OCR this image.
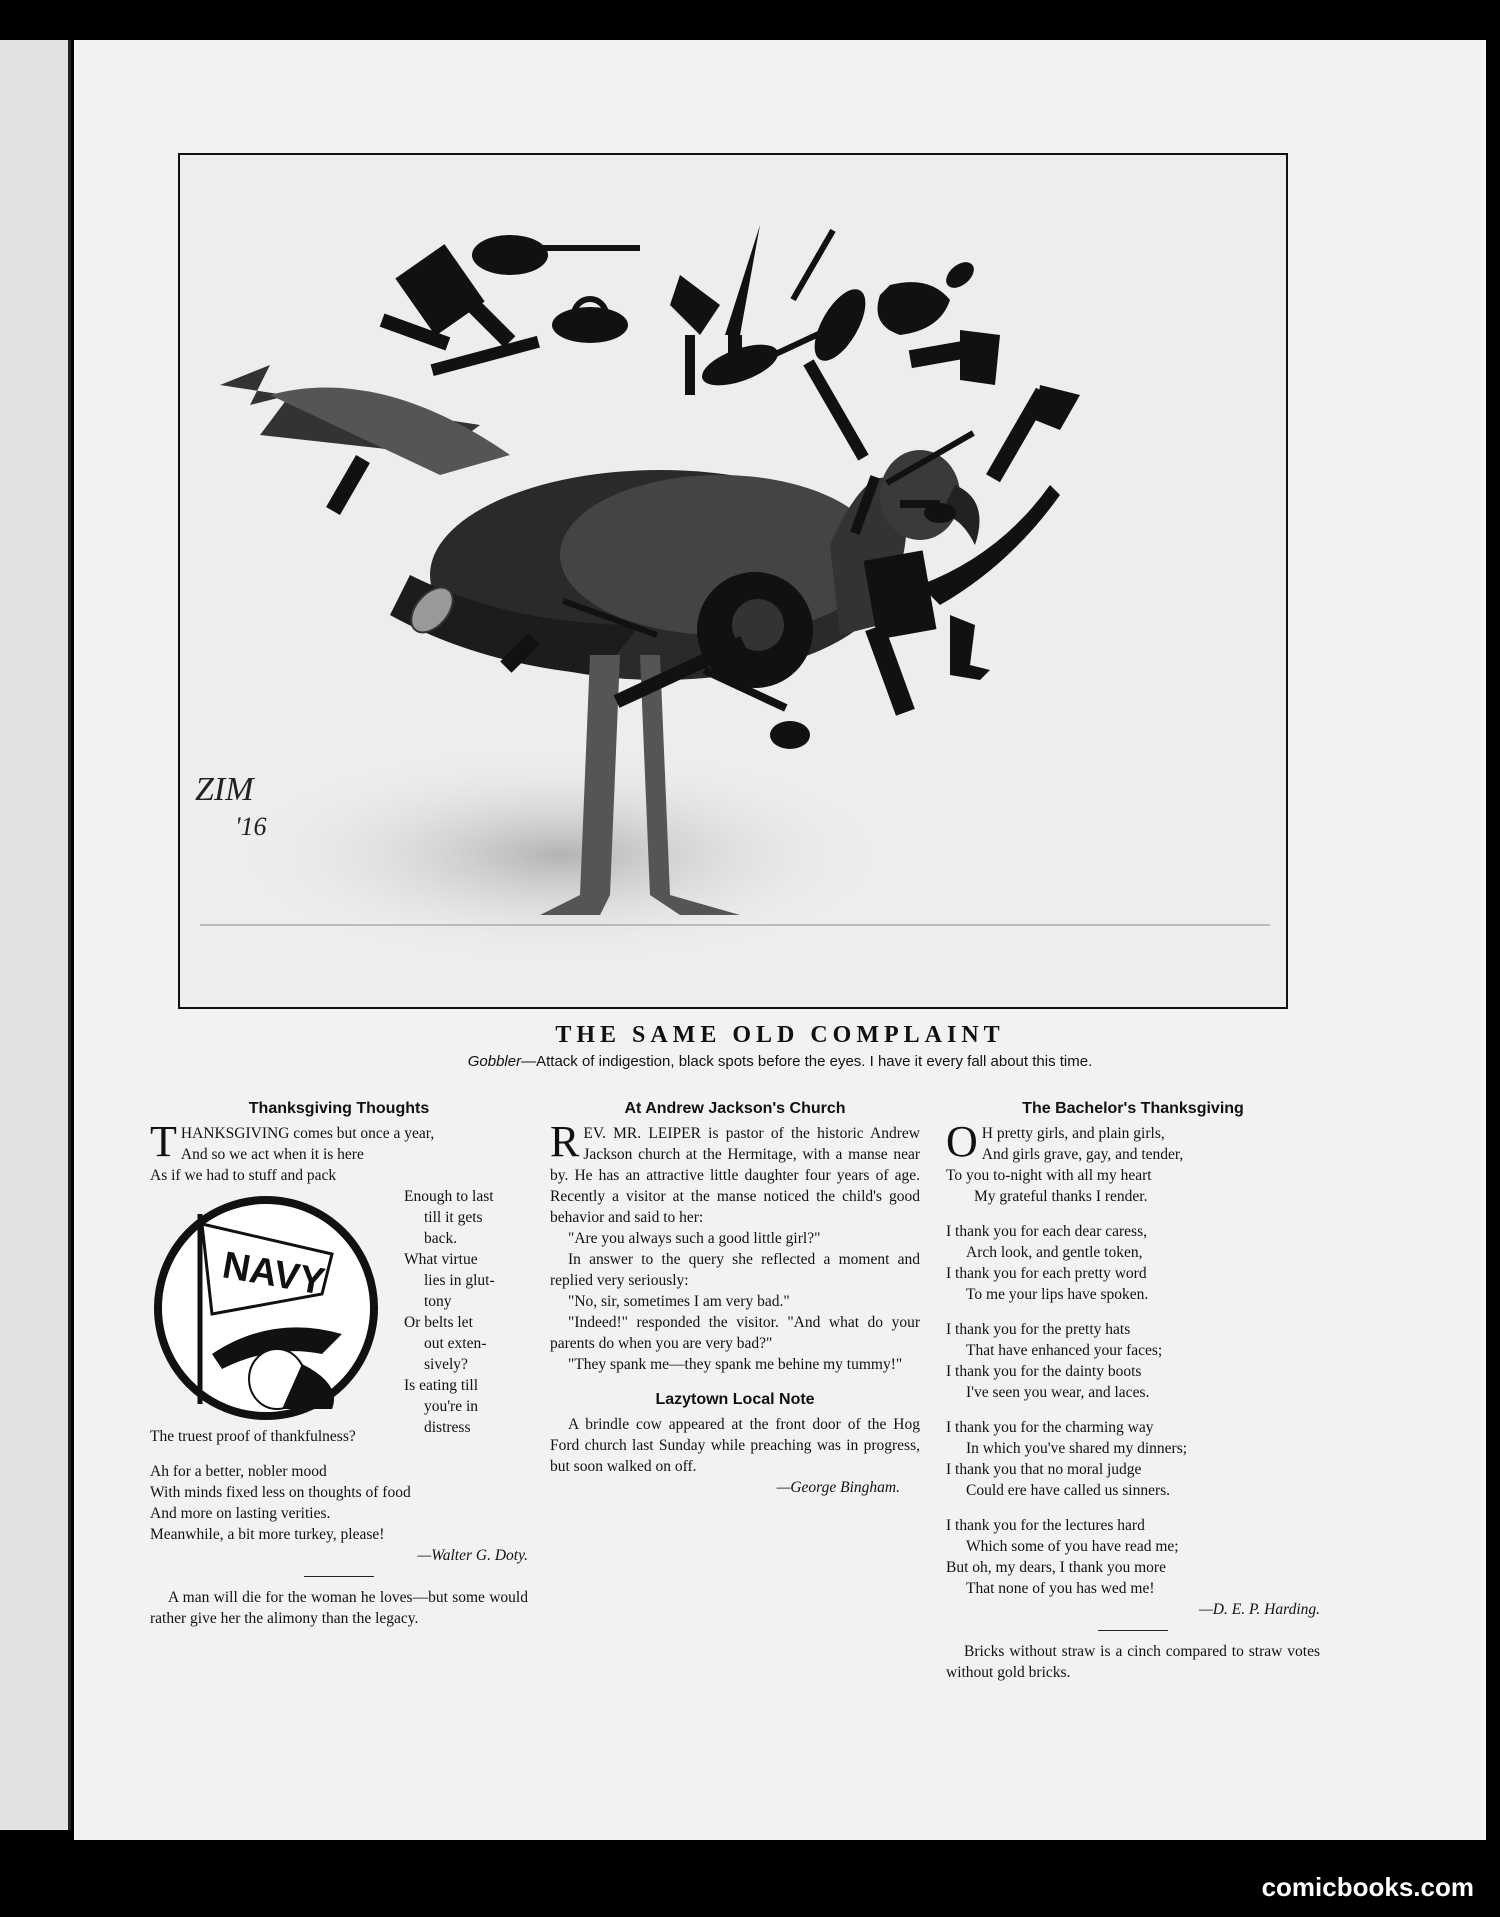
ZIM
'16
THE SAME OLD COMPLAINT

Gobbler—Attack of indigestion, black spots before the eyes. I have it every fall about this time.

Thanksgiving Thoughts
T HANKSGIVING comes but once a year,
And so we act when it is here
As if we had to stuff and pack
NAVY
Enough to last
till it gets
back.
What virtue
lies in glut-
tony
Or belts let
out exten-
sively?
Is eating till
you're in
distress
The truest proof of thankfulness?
Ah for a better, nobler mood
With minds fixed less on thoughts of food
And more on lasting verities.
Meanwhile, a bit more turkey, please!
—Walter G. Doty.

A man will die for the woman he loves—but some would rather give her the alimony than the legacy.

At Andrew Jackson's Church

REV. MR. LEIPER is pastor of the historic Andrew Jackson church at the Hermitage, with a manse near by. He has an attractive little daughter four years of age. Recently a visitor at the manse noticed the child's good behavior and said to her:

"Are you always such a good little girl?"

In answer to the query she reflected a moment and replied very seriously:

"No, sir, sometimes I am very bad."

"Indeed!" responded the visitor. "And what do your parents do when you are very bad?"

"They spank me—they spank me behine my tummy!"

Lazytown Local Note

A brindle cow appeared at the front door of the Hog Ford church last Sunday while preaching was in progress, but soon walked on off.

—George Bingham.
The Bachelor's Thanksgiving
O H pretty girls, and plain girls,
And girls grave, gay, and tender,
To you to-night with all my heart
My grateful thanks I render.
I thank you for each dear caress,
Arch look, and gentle token,
I thank you for each pretty word
To me your lips have spoken.
I thank you for the pretty hats
That have enhanced your faces;
I thank you for the dainty boots
I've seen you wear, and laces.
I thank you for the charming way
In which you've shared my dinners;
I thank you that no moral judge
Could ere have called us sinners.
I thank you for the lectures hard
Which some of you have read me;
But oh, my dears, I thank you more
That none of you has wed me!
—D. E. P. Harding.

Bricks without straw is a cinch compared to straw votes without gold bricks.

comicbooks.com
